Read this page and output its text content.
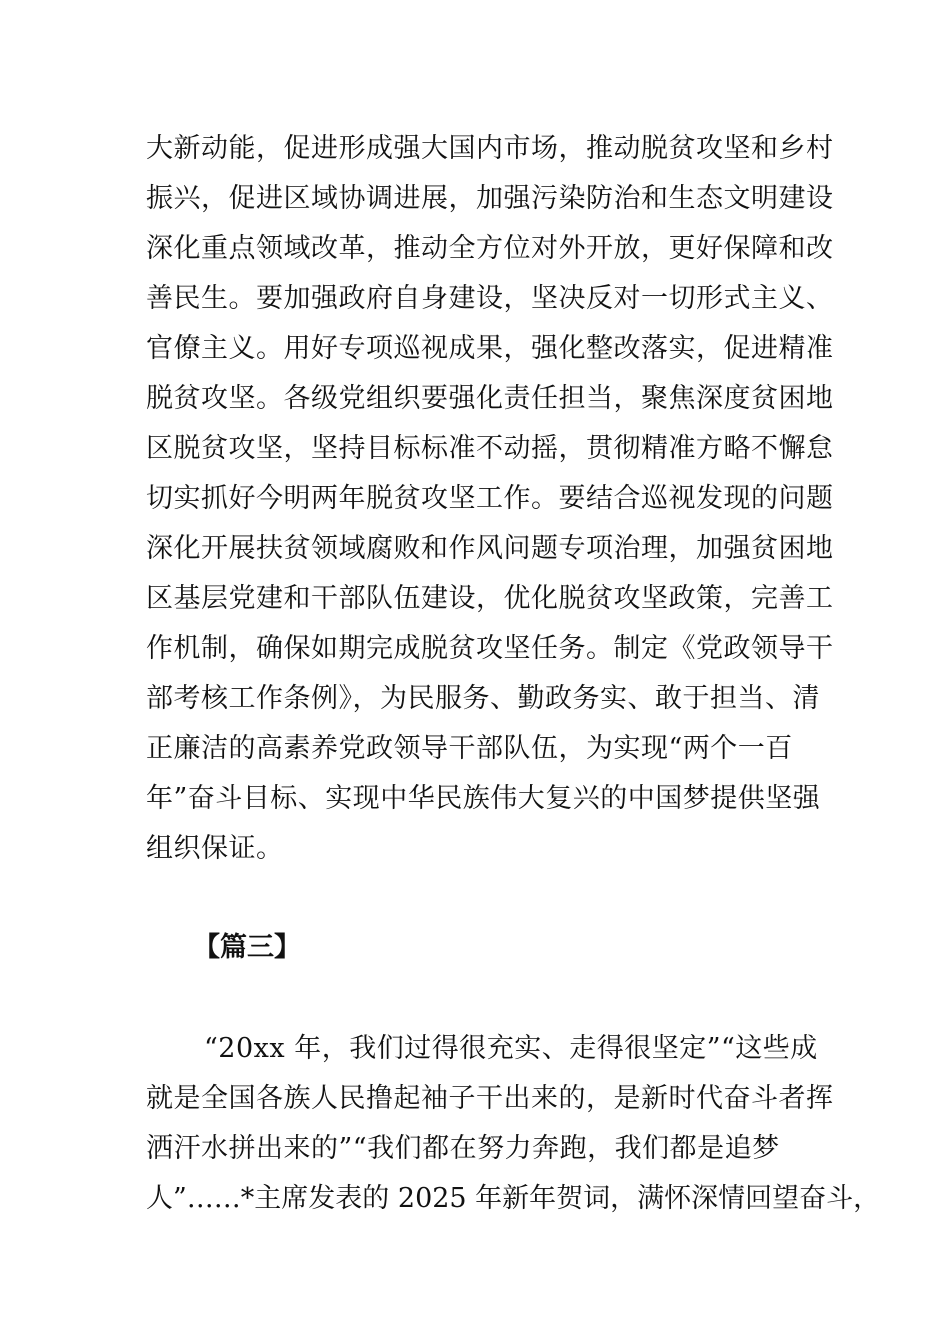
大新动能，促进形成强大国内市场，推动脱贫攻坚和乡村
振兴，促进区域协调进展，加强污染防治和生态文明建设
深化重点领域改革，推动全方位对外开放，更好保障和改
善民生。要加强政府自身建设，坚决反对一切形式主义、
官僚主义。用好专项巡视成果，强化整改落实，促进精准
脱贫攻坚。各级党组织要强化责任担当，聚焦深度贫困地
区脱贫攻坚，坚持目标标准不动摇，贯彻精准方略不懈怠
切实抓好今明两年脱贫攻坚工作。要结合巡视发现的问题
深化开展扶贫领域腐败和作风问题专项治理，加强贫困地
区基层党建和干部队伍建设，优化脱贫攻坚政策，完善工
作机制，确保如期完成脱贫攻坚任务。制定《党政领导干
部考核工作条例》，为民服务、勤政务实、敢于担当、清
正廉洁的高素养党政领导干部队伍，为实现“两个一百
年”奋斗目标、实现中华民族伟大复兴的中国梦提供坚强
组织保证。
【篇三】
“20xx 年，我们过得很充实、走得很坚定”“这些成
就是全国各族人民撸起袖子干出来的，是新时代奋斗者挥
洒汗水拼出来的”“我们都在努力奔跑，我们都是追梦
人”……*主席发表的 2025 年新年贺词，满怀深情回望奋斗，
